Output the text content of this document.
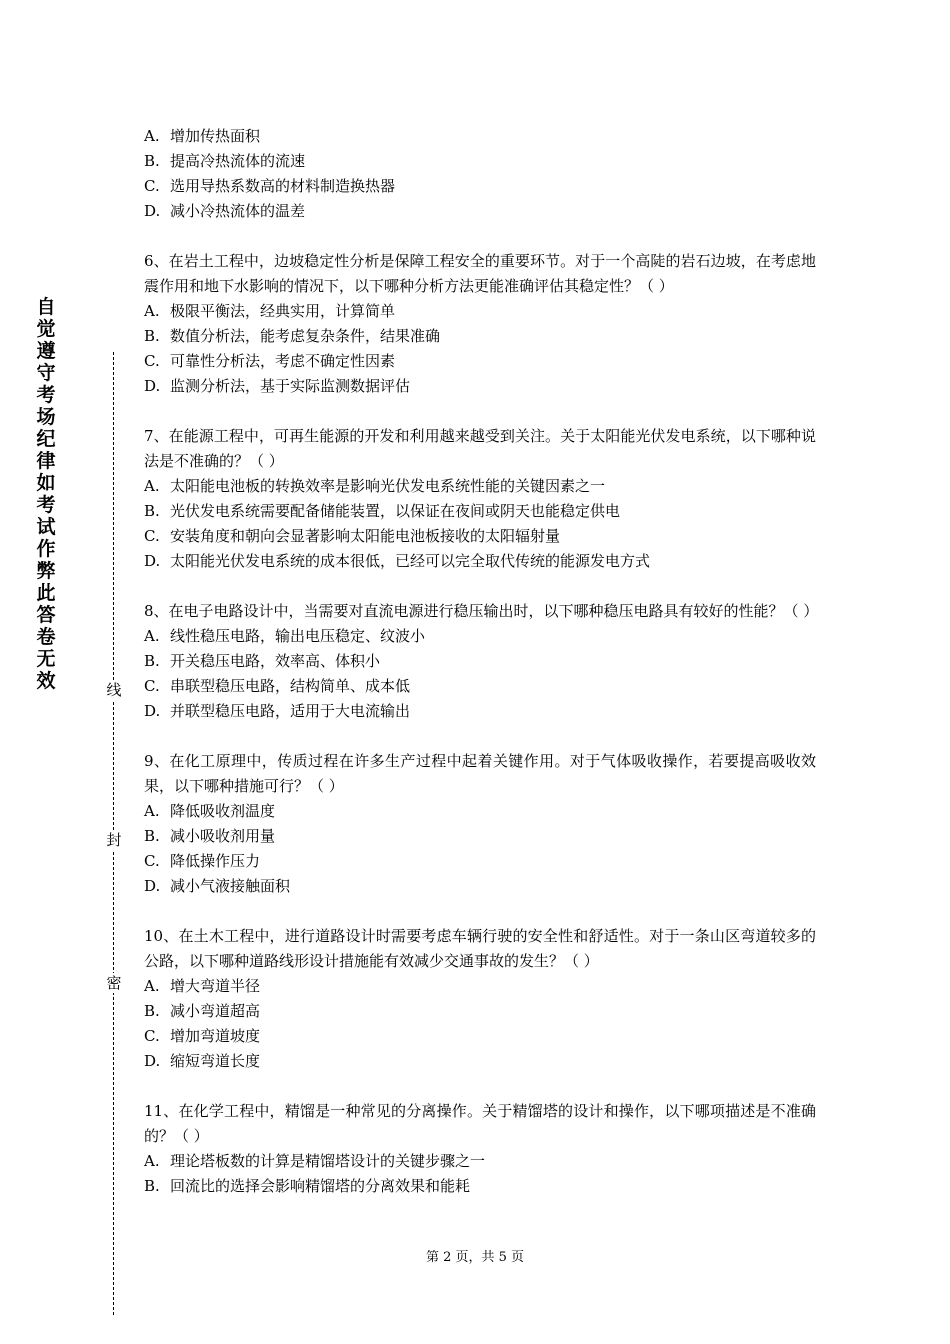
自觉遵守考场纪律如考试作弊此答卷无效	线
封
密
A. 增加传热面积
B. 提高冷热流体的流速
C. 选用导热系数高的材料制造换热器
D. 减小冷热流体的温差
6、在岩土工程中，边坡稳定性分析是保障工程安全的重要环节。对于一个高陡的岩石边坡，在考虑地震作用和地下水影响的情况下，以下哪种分析方法更能准确评估其稳定性？（ ）
A. 极限平衡法，经典实用，计算简单
B. 数值分析法，能考虑复杂条件，结果准确
C. 可靠性分析法，考虑不确定性因素
D. 监测分析法，基于实际监测数据评估
7、在能源工程中，可再生能源的开发和利用越来越受到关注。关于太阳能光伏发电系统，以下哪种说法是不准确的？（ ）
A. 太阳能电池板的转换效率是影响光伏发电系统性能的关键因素之一
B. 光伏发电系统需要配备储能装置，以保证在夜间或阴天也能稳定供电
C. 安装角度和朝向会显著影响太阳能电池板接收的太阳辐射量
D. 太阳能光伏发电系统的成本很低，已经可以完全取代传统的能源发电方式
8、在电子电路设计中，当需要对直流电源进行稳压输出时，以下哪种稳压电路具有较好的性能？（ ）
A. 线性稳压电路，输出电压稳定、纹波小
B. 开关稳压电路，效率高、体积小
C. 串联型稳压电路，结构简单、成本低
D. 并联型稳压电路，适用于大电流输出
9、在化工原理中，传质过程在许多生产过程中起着关键作用。对于气体吸收操作，若要提高吸收效果，以下哪种措施可行？（ ）
A. 降低吸收剂温度
B. 减小吸收剂用量
C. 降低操作压力
D. 减小气液接触面积
10、在土木工程中，进行道路设计时需要考虑车辆行驶的安全性和舒适性。对于一条山区弯道较多的公路，以下哪种道路线形设计措施能有效减少交通事故的发生？（ ）
A. 增大弯道半径
B. 减小弯道超高
C. 增加弯道坡度
D. 缩短弯道长度
11、在化学工程中，精馏是一种常见的分离操作。关于精馏塔的设计和操作，以下哪项描述是不准确的？（ ）
A. 理论塔板数的计算是精馏塔设计的关键步骤之一
B. 回流比的选择会影响精馏塔的分离效果和能耗
第 2 页，共 5 页
